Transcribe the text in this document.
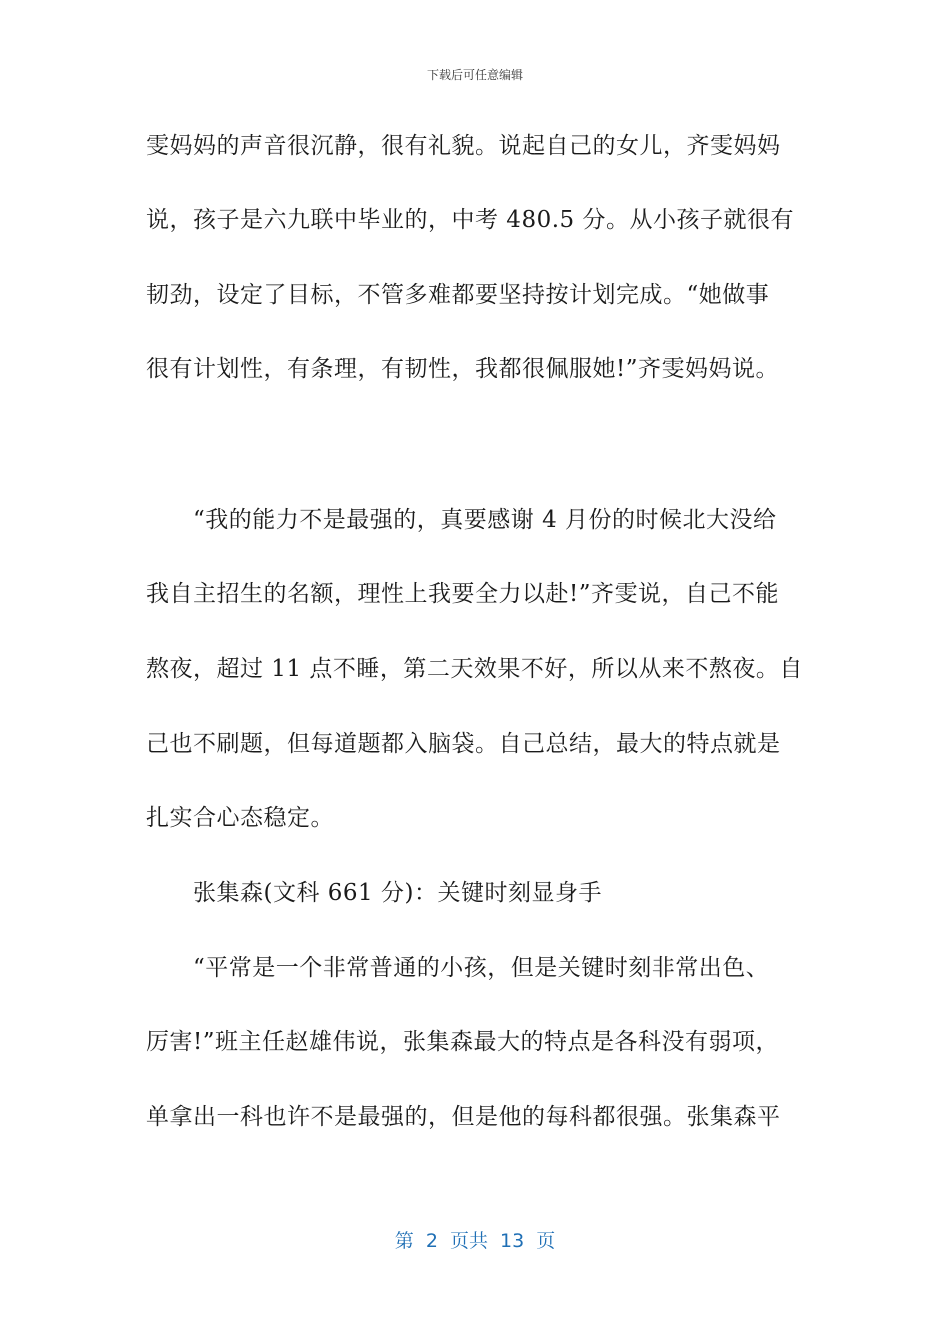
下载后可任意编辑
雯妈妈的声音很沉静，很有礼貌。说起自己的女儿，齐雯妈妈
说，孩子是六九联中毕业的，中考 480.5 分。从小孩子就很有
韧劲，设定了目标，不管多难都要坚持按计划完成。“她做事
很有计划性，有条理，有韧性，我都很佩服她!”齐雯妈妈说。
“我的能力不是最强的，真要感谢 4 月份的时候北大没给
我自主招生的名额，理性上我要全力以赴!”齐雯说，自己不能
熬夜，超过 11 点不睡，第二天效果不好，所以从来不熬夜。自
己也不刷题，但每道题都入脑袋。自己总结，最大的特点就是
扎实合心态稳定。
张集森(文科 661 分)：关键时刻显身手
“平常是一个非常普通的小孩，但是关键时刻非常出色、
厉害!”班主任赵雄伟说，张集森最大的特点是各科没有弱项，
单拿出一科也许不是最强的，但是他的每科都很强。张集森平
第 2 页共 13 页
